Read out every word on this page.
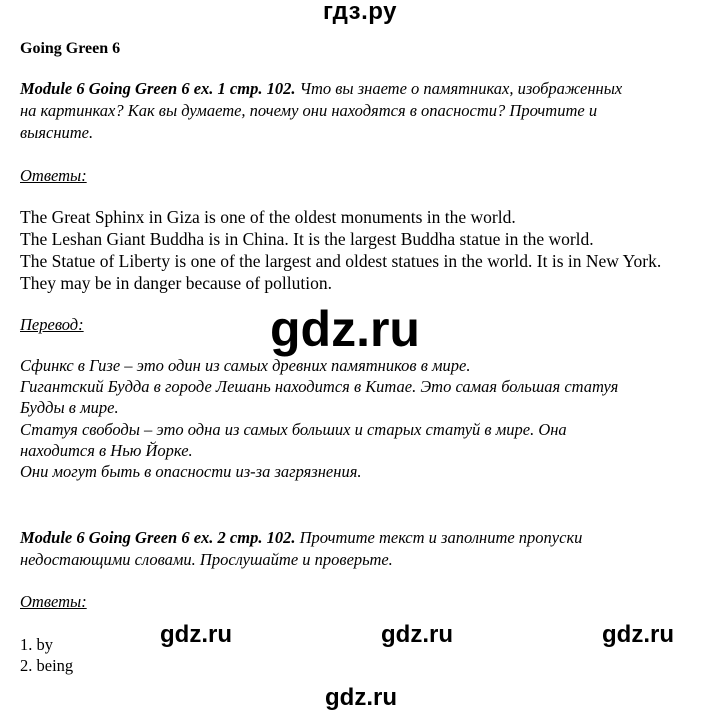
гдз.ру
Going Green 6
Module 6 Going Green 6 ex. 1 стр. 102. Что вы знаете о памятниках, изображенных
на картинках? Как вы думаете, почему они находятся в опасности? Прочтите и
выясните.
Ответы:
The Great Sphinx in Giza is one of the oldest monuments in the world.
The Leshan Giant Buddha is in China. It is the largest Buddha statue in the world.
The Statue of Liberty is one of the largest and oldest statues in the world. It is in New York.
They may be in danger because of pollution.
Перевод:	gdz.ru
Сфинкс в Гизе – это один из самых древних памятников в мире.
Гигантский Будда в городе Лешань находится в Китае. Это самая большая статуя
Будды в мире.
Статуя свободы – это одна из самых больших и старых статуй в мире. Она
находится в Нью Йорке.
Они могут быть в опасности из-за загрязнения.
Module 6 Going Green 6 ex. 2 стр. 102. Прочтите текст и заполните пропуски
недостающими словами. Прослушайте и проверьте.
Ответы:
1. by
2. being
gdz.ru	gdz.ru	gdz.ru
gdz.ru
